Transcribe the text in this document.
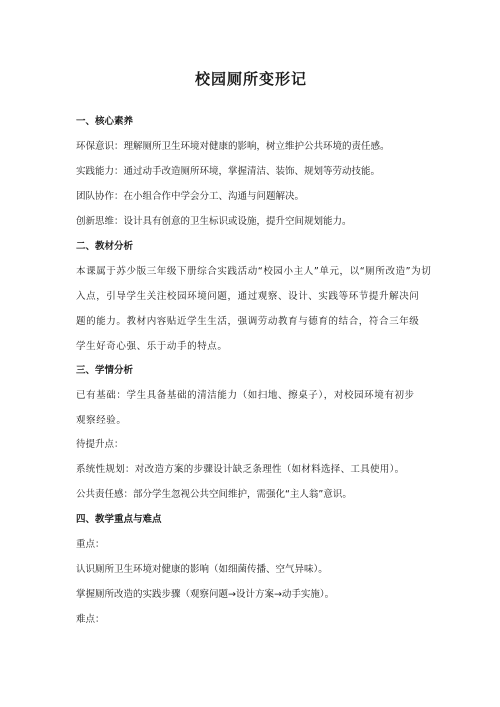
校园厕所变形记
一、核心素养
环保意识：理解厕所卫生环境对健康的影响，树立维护公共环境的责任感。
实践能力：通过动手改造厕所环境，掌握清洁、装饰、规划等劳动技能。
团队协作：在小组合作中学会分工、沟通与问题解决。
创新思维：设计具有创意的卫生标识或设施，提升空间规划能力。
二、教材分析
本课属于苏少版三年级下册综合实践活动“校园小主人”单元，以“厕所改造”为切
入点，引导学生关注校园环境问题，通过观察、设计、实践等环节提升解决问
题的能力。教材内容贴近学生生活，强调劳动教育与德育的结合，符合三年级
学生好奇心强、乐于动手的特点。
三、学情分析
已有基础：学生具备基础的清洁能力（如扫地、擦桌子），对校园环境有初步
观察经验。
待提升点：
系统性规划：对改造方案的步骤设计缺乏条理性（如材料选择、工具使用）。
公共责任感：部分学生忽视公共空间维护，需强化“主人翁”意识。
四、教学重点与难点
重点：
认识厕所卫生环境对健康的影响（如细菌传播、空气异味）。
掌握厕所改造的实践步骤（观察问题→设计方案→动手实施）。
难点：
